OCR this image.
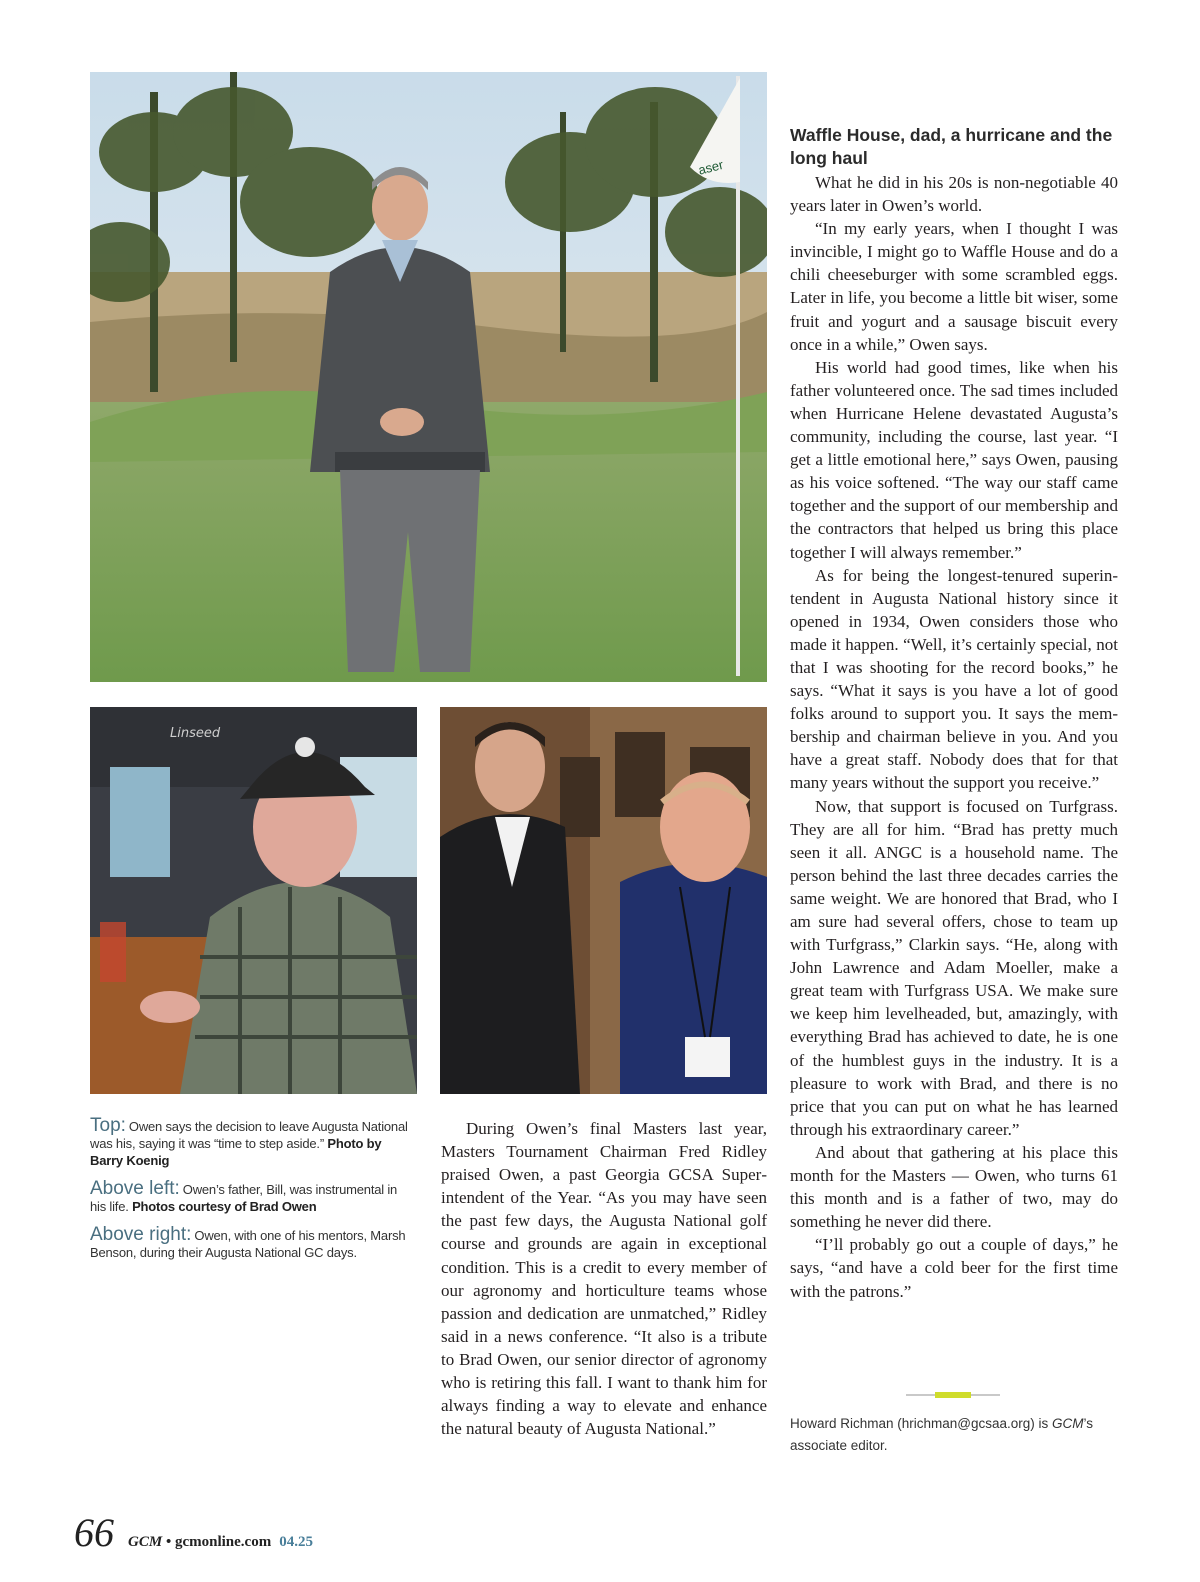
aser
Linseed
Waffle House, dad, a hurricane and the long haul

What he did in his 20s is non-negotiable 40 years later in Owen’s world.

“In my early years, when I thought I was invincible, I might go to Waffle House and do a chili cheeseburger with some scrambled eggs. Later in life, you become a little bit wiser, some fruit and yogurt and a sausage biscuit every once in a while,” Owen says.

His world had good times, like when his father volunteered once. The sad times included when Hurricane Helene devastated Augusta’s community, including the course, last year. “I get a little emotional here,” says Owen, pausing as his voice softened. “The way our staff came together and the support of our membership and the contractors that helped us bring this place together I will always remember.”

As for being the longest-tenured superintendent in Augusta National history since it opened in 1934, Owen considers those who made it happen. “Well, it’s certainly special, not that I was shooting for the record books,” he says. “What it says is you have a lot of good folks around to support you. It says the membership and chairman believe in you. And you have a great staff. Nobody does that for that many years without the support you receive.”

Now, that support is focused on Turfgrass. They are all for him. “Brad has pretty much seen it all. ANGC is a household name. The person behind the last three decades carries the same weight. We are honored that Brad, who I am sure had several offers, chose to team up with Turfgrass,” Clarkin says. “He, along with John Lawrence and Adam Moeller, make a great team with Turfgrass USA. We make sure we keep him levelheaded, but, amazingly, with everything Brad has achieved to date, he is one of the humblest guys in the industry. It is a pleasure to work with Brad, and there is no price that you can put on what he has learned through his extraordinary career.”

And about that gathering at his place this month for the Masters — Owen, who turns 61 this month and is a father of two, may do something he never did there.

“I’ll probably go out a couple of days,” he says, “and have a cold beer for the first time with the patrons.”

During Owen’s final Masters last year, Masters Tournament Chairman Fred Ridley praised Owen, a past Georgia GCSA Superintendent of the Year. “As you may have seen the past few days, the Augusta National golf course and grounds are again in exceptional condition. This is a credit to every member of our agronomy and horticulture teams whose passion and dedication are unmatched,” Ridley said in a news conference. “It also is a tribute to Brad Owen, our senior director of agronomy who is retiring this fall. I want to thank him for always finding a way to elevate and enhance the natural beauty of Augusta National.”

Top: Owen says the decision to leave Augusta National was his, saying it was “time to step aside.” Photo by Barry Koenig

Above left: Owen’s father, Bill, was instrumental in his life. Photos courtesy of Brad Owen

Above right: Owen, with one of his mentors, Marsh Benson, during their Augusta National GC days.

Howard Richman (hrichman@gcsaa.org) is GCM’s associate editor.
66 GCM • gcmonline.com 04.25
